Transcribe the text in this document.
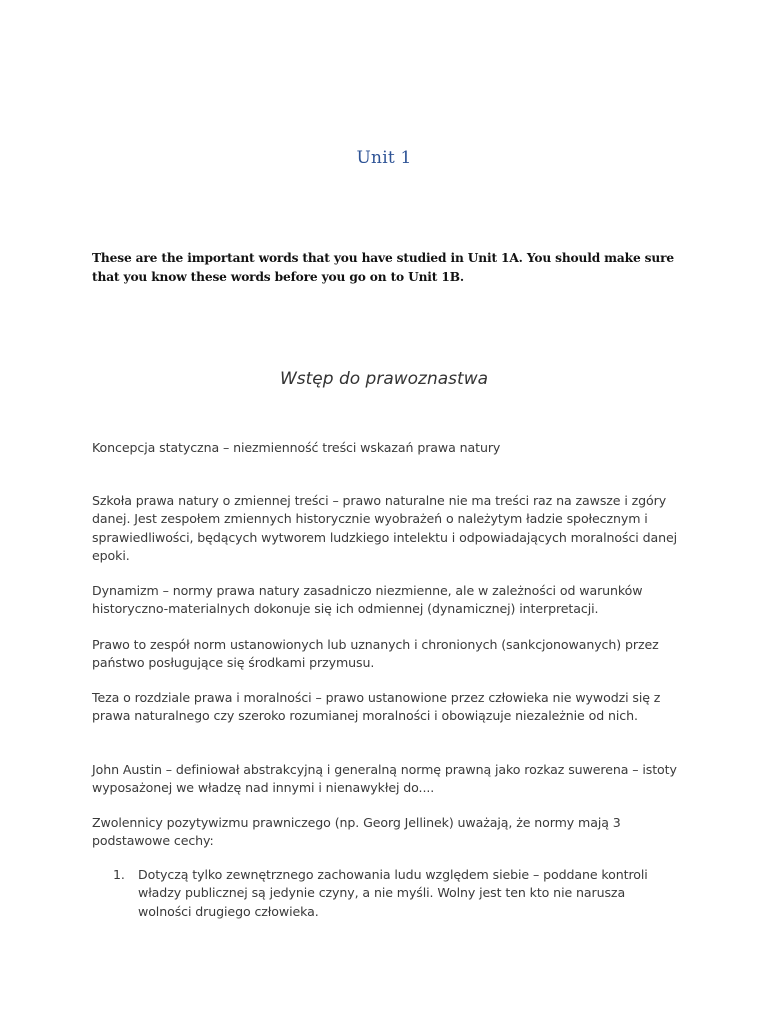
Unit 1

These are the important words that you have studied in Unit 1A. You should make sure that you know these words before you go on to Unit 1B.

Wstęp do prawoznastwa

Koncepcja statyczna – niezmienność treści wskazań prawa natury

Szkoła prawa natury o zmiennej treści – prawo naturalne nie ma treści raz na zawsze i zgóry danej. Jest zespołem zmiennych historycznie wyobrażeń o należytym ładzie społecznym i sprawiedliwości, będących wytworem ludzkiego intelektu i odpowiadających moralności danej epoki.

Dynamizm – normy prawa natury zasadniczo niezmienne, ale w zależności od warunków historyczno-materialnych dokonuje się ich odmiennej (dynamicznej) interpretacji.

Prawo to zespół norm ustanowionych lub uznanych i chronionych (sankcjonowanych) przez państwo posługujące się środkami przymusu.

Teza o rozdziale prawa i moralności – prawo ustanowione przez człowieka nie wywodzi się z prawa naturalnego czy szeroko rozumianej moralności i obowiązuje niezależnie od nich.

John Austin – definiował abstrakcyjną i generalną normę prawną jako rozkaz suwerena – istoty wyposażonej we władzę nad innymi i nienawykłej do....

Zwolennicy pozytywizmu prawniczego (np. Georg Jellinek) uważają, że normy mają 3 podstawowe cechy:

1. Dotyczą tylko zewnętrznego zachowania ludu względem siebie – poddane kontroli władzy publicznej są jedynie czyny, a nie myśli. Wolny jest ten kto nie narusza wolności drugiego człowieka.
